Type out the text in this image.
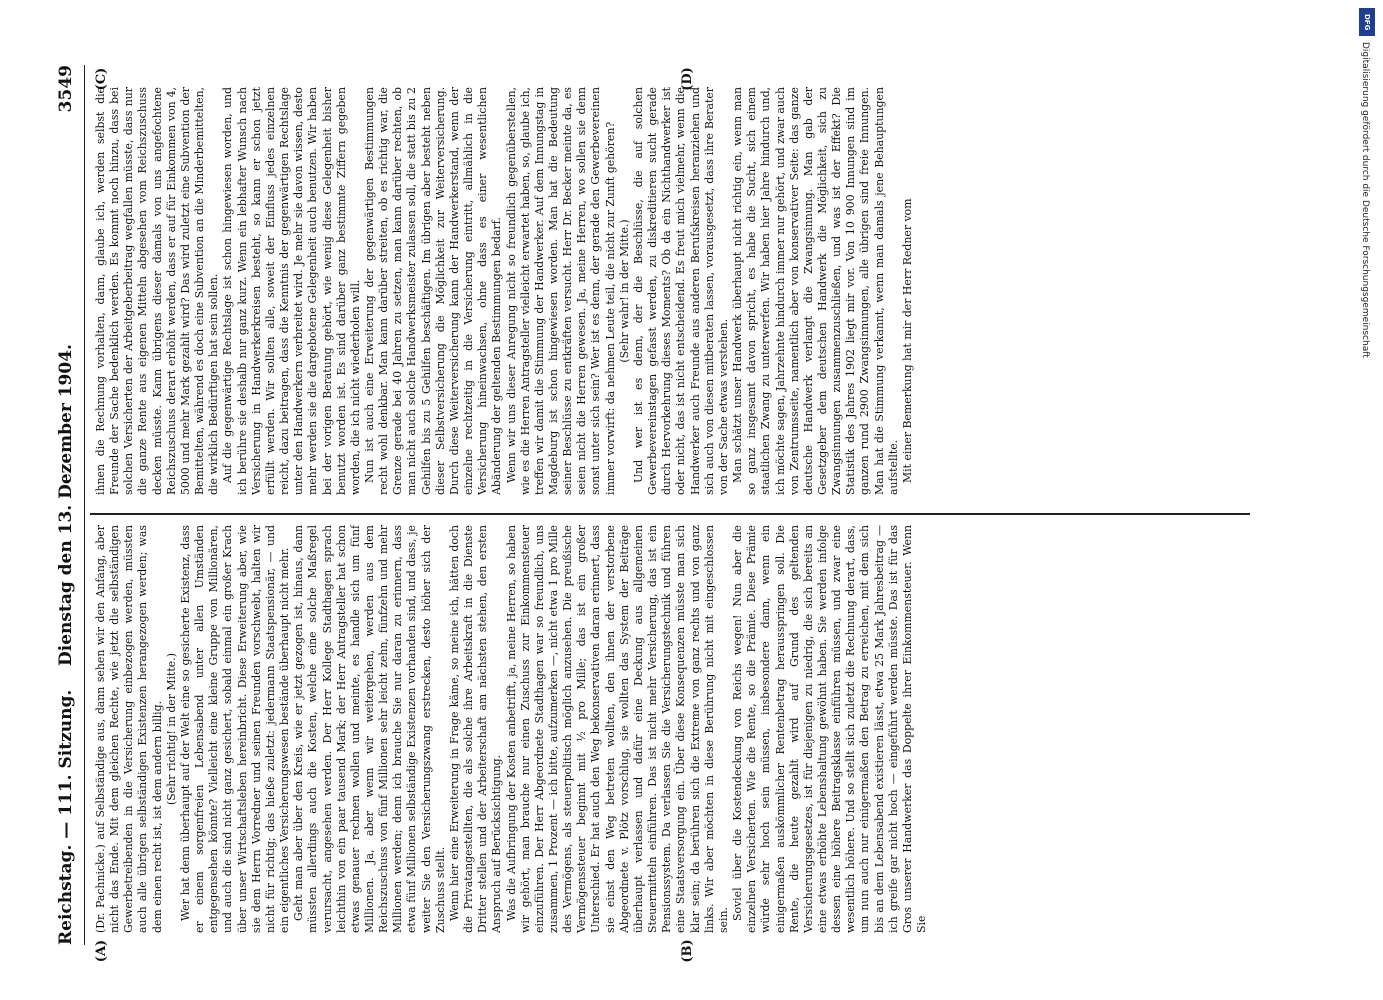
Reichstag. — 111. Sitzung.
Dienstag den 13. Dezember 1904.
3549
(A)	(B)
(C)	(D)

(Dr. Pachnicke.) auf Selbständige aus, dann sehen wir den Anfang, aber nicht das Ende. Mit dem gleichen Rechte, wie jetzt die selbständigen Gewerbetreibenden in die Versicherung einbezogen werden, müssten auch alle übrigen selbständigen Existenzen herangezogen werden; was dem einen recht ist, ist dem andern billig. (Sehr richtig! in der Mitte.) Wer hat denn überhaupt auf der Welt eine so gesicherte Existenz, dass er einem sorgenfreien Lebensabend unter allen Umständen entgegensehen könnte? Vielleicht eine kleine Gruppe von Millionären, und auch die sind nicht ganz gesichert, sobald einmal ein großer Krach über unser Wirtschaftsleben hereinbricht. Diese Erweiterung aber, wie sie dem Herrn Vorredner und seinen Freunden vorschwebt, halten wir nicht für richtig; das hieße zuletzt: jedermann Staatspensionär, — und ein eigentliches Versicherungswesen bestände überhaupt nicht mehr. Geht man aber über den Kreis, wie er jetzt gezogen ist, hinaus, dann müssten allerdings auch die Kosten, welche eine solche Maßregel verursacht, angesehen werden. Der Herr Kollege Stadthagen sprach leichthin von ein paar tausend Mark; der Herr Antragsteller hat schon etwas genauer rechnen wollen und meinte, es handle sich um fünf Millionen. Ja, aber wenn wir weitergehen, werden aus dem Reichszuschuss von fünf Millionen sehr leicht zehn, fünfzehn und mehr Millionen werden; denn ich brauche Sie nur daran zu erinnern, dass etwa fünf Millionen selbständige Existenzen vorhanden sind, und dass, je weiter Sie den Versicherungszwang erstrecken, desto höher sich der Zuschuss stellt. Wenn hier eine Erweiterung in Frage käme, so meine ich, hätten doch die Privatangestellten, die als solche ihre Arbeitskraft in die Dienste Dritter stellen und der Arbeiterschaft am nächsten stehen, den ersten Anspruch auf Berücksichtigung. Was die Aufbringung der Kosten anbetrifft, ja, meine Herren, so haben wir gehört, man brauche nur einen Zuschuss zur Einkommensteuer einzuführen. Der Herr Abgeordnete Stadthagen war so freundlich, uns zusammen, 1 Prozent — ich bitte, aufzumerken —, nicht etwa 1 pro Mille des Vermögens, als steuerpolitisch möglich anzusehen. Die preußische Vermögenssteuer beginnt mit ½ pro Mille; das ist ein großer Unterschied. Er hat auch den Weg bekonservativen daran erinnert, dass sie einst den Weg betreten wollten, den ihnen der verstorbene Abgeordnete v. Plötz vorschlug, sie wollten das System der Beiträge überhaupt verlassen und dafür eine Deckung aus allgemeinen Steuermitteln einführen. Das ist nicht mehr Versicherung, das ist ein Pensionssystem. Da verlassen Sie die Versicherungstechnik und führen eine Staatsversorgung ein. Über diese Konsequenzen müsste man sich klar sein; da berühren sich die Extreme von ganz rechts und von ganz links. Wir aber möchten in diese Berührung nicht mit eingeschlossen sein. Soviel über die Kostendeckung von Reichs wegen! Nun aber die einzelnen Versicherten. Wie die Rente, so die Prämie. Diese Prämie würde sehr hoch sein müssen, insbesondere dann, wenn ein einigermaßen auskömmlicher Rentenbetrag herausspringen soll. Die Rente, die heute gezahlt wird auf Grund des geltenden Versicherungsgesetzes, ist für diejenigen zu niedrig, die sich bereits an eine etwas erhöhte Lebenshaltung gewöhnt haben. Sie werden infolge dessen eine höhere Beitragsklasse einführen müssen, und zwar eine wesentlich höhere. Und so stellt sich zuletzt die Rechnung derart, dass, um nun auch nur einigermaßen den Betrag zu erreichen, mit dem sich bis an dem Lebensabend existieren lässt, etwa 25 Mark Jahresbeitrag — ich greife gar nicht hoch — eingeführt werden müsste. Das ist für das Gros unserer Handwerker das Doppelte ihrer Einkommensteuer. Wenn Sie

ihnen die Rechnung vorhalten, dann, glaube ich, werden selbst die Freunde der Sache bedenklich werden. Es kommt noch hinzu, dass bei solchen Versicherten der Arbeitgeberbeitrag wegfallen müsste, dass nur die ganze Rente aus eigenen Mitteln abgesehen vom Reichszuschuss decken müsste. Kann übrigens dieser damals von uns angefochtene Reichszuschuss derart erhöht werden, dass er auf für Einkommen von 4, 5000 und mehr Mark gezahlt wird? Das wird zuletzt eine Subvention der Bemittelten, während es doch eine Subvention an die Minderbemittelten, die wirklich Bedürftigen hat sein sollen. Auf die gegenwärtige Rechtslage ist schon hingewiesen worden, und ich berühre sie deshalb nur ganz kurz. Wenn ein lebhafter Wunsch nach Versicherung in Handwerkerkreisen besteht, so kann er schon jetzt erfüllt werden. Wir sollten alle, soweit der Einfluss jedes einzelnen reicht, dazu beitragen, dass die Kenntnis der gegenwärtigen Rechtslage unter den Handwerkern verbreitet wird. Je mehr sie davon wissen, desto mehr werden sie die dargebotene Gelegenheit auch benutzen. Wir haben bei der vorigen Beratung gehört, wie wenig diese Gelegenheit bisher benutzt worden ist. Es sind darüber ganz bestimmte Ziffern gegeben worden, die ich nicht wiederholen will. Nun ist auch eine Erweiterung der gegenwärtigen Bestimmungen recht wohl denkbar. Man kann darüber streiten, ob es richtig war, die Grenze gerade bei 40 Jahren zu setzen, man kann darüber rechten, ob man nicht auch solche Handwerksmeister zulassen soll, die statt bis zu 2 Gehilfen bis zu 5 Gehilfen beschäftigen. Im übrigen aber besteht neben dieser Selbstversicherung die Möglichkeit zur Weiterversicherung. Durch diese Weiterversicherung kann der Handwerkerstand, wenn der einzelne rechtzeitig in die Versicherung eintritt, allmählich in die Versicherung hineinwachsen, ohne dass es einer wesentlichen Abänderung der geltenden Bestimmungen bedarf. Wenn wir uns dieser Anregung nicht so freundlich gegenüberstellen, wie es die Herren Antragsteller vielleicht erwartet haben, so, glaube ich, treffen wir damit die Stimmung der Handwerker. Auf dem Innungstag in Magdeburg ist schon hingewiesen worden. Man hat die Bedeutung seiner Beschlüsse zu entkräften versucht. Herr Dr. Becker meinte da, es seien nicht die Herren gewesen. Ja, meine Herren, wo sollen sie denn sonst unter sich sein? Wer ist es denn, der gerade den Gewerbevereinen immer vorwirft: da nehmen Leute teil, die nicht zur Zunft gehören? (Sehr wahr! in der Mitte.) Und wer ist es denn, der die Beschlüsse, die auf solchen Gewerbevereinstagen gefasst werden, zu diskreditieren sucht gerade durch Hervorkehrung dieses Moments? Ob da ein Nichthandwerker ist oder nicht, das ist nicht entscheidend. Es freut mich vielmehr, wenn die Handwerker auch Freunde aus anderen Berufskreisen heranziehen und sich auch von diesen mitberaten lassen, vorausgesetzt, dass ihre Berater von der Sache etwas verstehen. Man schätzt unser Handwerk überhaupt nicht richtig ein, wenn man so ganz insgesamt davon spricht, es habe die Sucht, sich einem staatlichen Zwang zu unterwerfen. Wir haben hier Jahre hindurch und, ich möchte sagen, Jahrzehnte hindurch immer nur gehört, und zwar auch von Zentrumsseite, namentlich aber von konservativer Seite: das ganze deutsche Handwerk verlangt die Zwangsinnung. Man gab der Gesetzgeber dem deutschen Handwerk die Möglichkeit, sich zu Zwangsinnungen zusammenzuschließen, und was ist der Effekt? Die Statistik des Jahres 1902 liegt mir vor. Von 10 900 Innungen sind im ganzen rund 2900 Zwangsinnungen, alle übrigen sind freie Innungen. Man hat die Stimmung verkannt, wenn man damals jene Behauptungen aufstellte. Mit einer Bemerkung hat mir der Herr Redner vom

DFG
Digitalisierung gefördert durch die Deutsche Forschungsgemeinschaft
